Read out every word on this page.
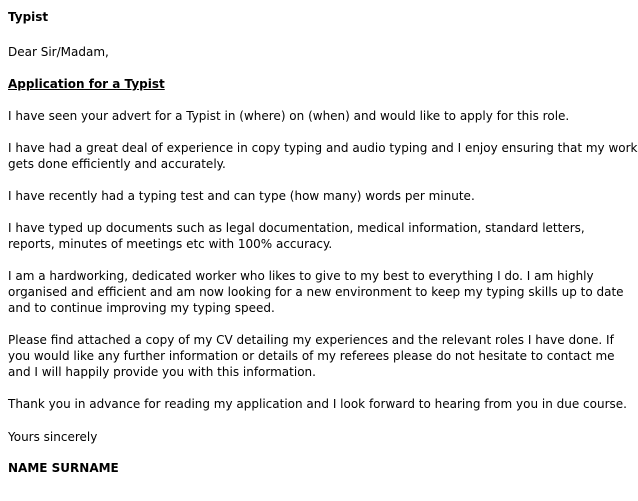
Typist

Dear Sir/Madam,

Application for a Typist

I have seen your advert for a Typist in (where) on (when) and would like to apply for this role.

I have had a great deal of experience in copy typing and audio typing and I enjoy ensuring that my work

gets done efficiently and accurately.

I have recently had a typing test and can type (how many) words per minute.

I have typed up documents such as legal documentation, medical information, standard letters,

reports, minutes of meetings etc with 100% accuracy.

I am a hardworking, dedicated worker who likes to give to my best to everything I do. I am highly

organised and efficient and am now looking for a new environment to keep my typing skills up to date

and to continue improving my typing speed.

Please find attached a copy of my CV detailing my experiences and the relevant roles I have done. If

you would like any further information or details of my referees please do not hesitate to contact me

and I will happily provide you with this information.

Thank you in advance for reading my application and I look forward to hearing from you in due course.

Yours sincerely

NAME SURNAME
